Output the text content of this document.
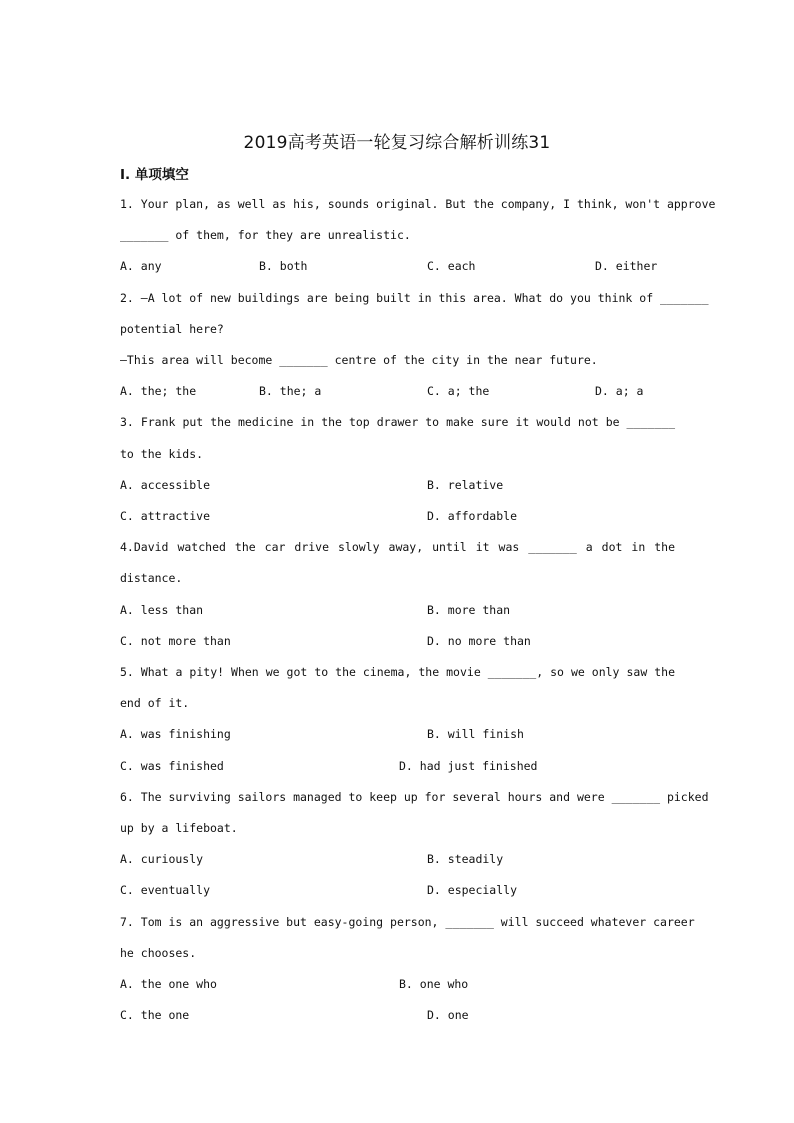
2019高考英语一轮复习综合解析训练31
Ⅰ. 单项填空
1. Your plan, as well as his, sounds original. But the company, I think, won't approve
_______ of them, for they are unrealistic.
A. any	B. both	C. each	D. either
2. —A lot of new buildings are being built in this area. What do you think of _______
potential here?
—This area will become _______ centre of the city in the near future.
A. the; the	B. the; a	C. a; the	D. a; a
3. Frank put the medicine in the top drawer to make sure it would not be _______
to the kids.
A. accessible	B. relative
C. attractive	D. affordable
4.David watched the car drive slowly away, until it was _______ a dot in the
distance.
A. less than	B. more than
C. not more than	D. no more than
5. What a pity! When we got to the cinema, the movie _______, so we only saw the
end of it.
A. was finishing	B. will finish
C. was finished	D. had just finished
6. The surviving sailors managed to keep up for several hours and were _______ picked
up by a lifeboat.
A. curiously	B. steadily
C. eventually	D. especially
7. Tom is an aggressive but easy-going person, _______ will succeed whatever career
he chooses.
A. the one who	B. one who
C. the one	D. one
